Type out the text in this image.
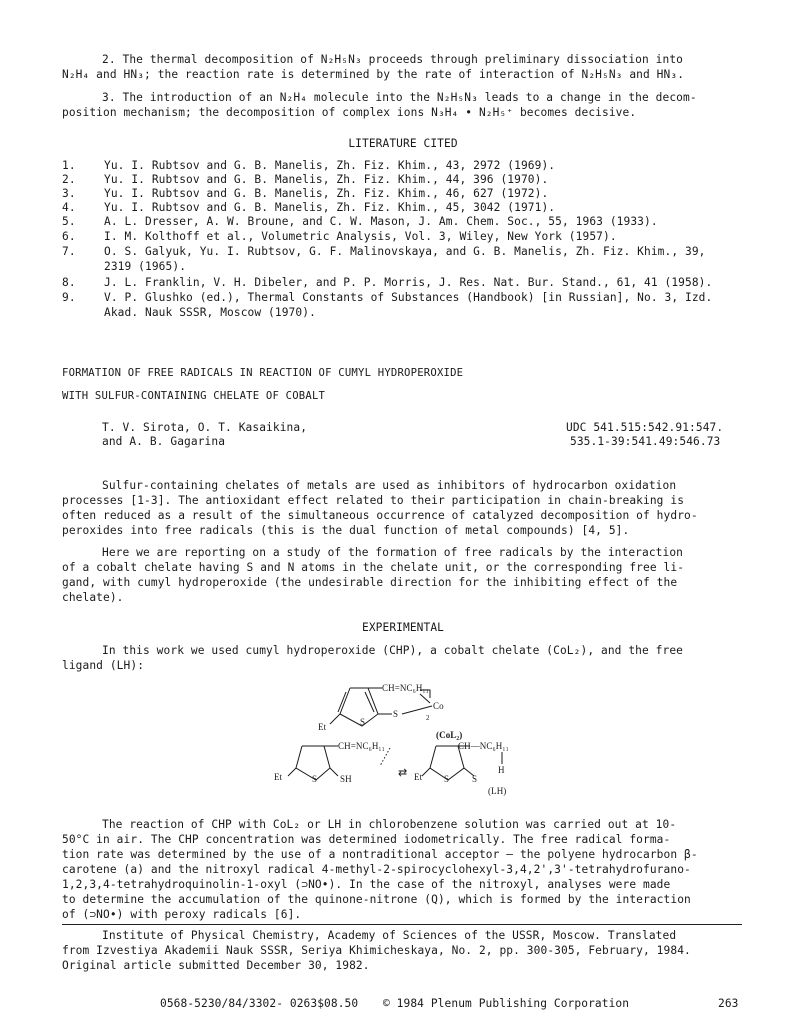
2. The thermal decomposition of N₂H₅N₃ proceeds through preliminary dissociation into
N₂H₄ and HN₃; the reaction rate is determined by the rate of interaction of N₂H₅N₃ and HN₃.
3. The introduction of an N₂H₄ molecule into the N₂H₅N₃ leads to a change in the decom-
position mechanism; the decomposition of complex ions N₃H₄ • N₂H₅⁺ becomes decisive.
LITERATURE CITED
1.	Yu. I. Rubtsov and G. B. Manelis, Zh. Fiz. Khim., 43, 2972 (1969).
2.	Yu. I. Rubtsov and G. B. Manelis, Zh. Fiz. Khim., 44, 396 (1970).
3.	Yu. I. Rubtsov and G. B. Manelis, Zh. Fiz. Khim., 46, 627 (1972).
4.	Yu. I. Rubtsov and G. B. Manelis, Zh. Fiz. Khim., 45, 3042 (1971).
5.	A. L. Dresser, A. W. Broune, and C. W. Mason, J. Am. Chem. Soc., 55, 1963 (1933).
6.	I. M. Kolthoff et al., Volumetric Analysis, Vol. 3, Wiley, New York (1957).
7.	O. S. Galyuk, Yu. I. Rubtsov, G. F. Malinovskaya, and G. B. Manelis, Zh. Fiz. Khim., 39,
2319 (1965).
8.	J. L. Franklin, V. H. Dibeler, and P. P. Morris, J. Res. Nat. Bur. Stand., 61, 41 (1958).
9.	V. P. Glushko (ed.), Thermal Constants of Substances (Handbook) [in Russian], No. 3, Izd.
Akad. Nauk SSSR, Moscow (1970).
FORMATION OF FREE RADICALS IN REACTION OF CUMYL HYDROPEROXIDE
WITH SULFUR-CONTAINING CHELATE OF COBALT
T. V. Sirota, O. T. Kasaikina,
and A. B. Gagarina
UDC 541.515:542.91:547.
535.1-39:541.49:546.73
Sulfur-containing chelates of metals are used as inhibitors of hydrocarbon oxidation
processes [1-3]. The antioxidant effect related to their participation in chain-breaking is
often reduced as a result of the simultaneous occurrence of catalyzed decomposition of hydro-
peroxides into free radicals (this is the dual function of metal compounds) [4, 5].
Here we are reporting on a study of the formation of free radicals by the interaction
of a cobalt chelate having S and N atoms in the chelate unit, or the corresponding free li-
gand, with cumyl hydroperoxide (the undesirable direction for the inhibiting effect of the
chelate).
EXPERIMENTAL
In this work we used cumyl hydroperoxide (CHP), a cobalt chelate (CoL₂), and the free
ligand (LH):
CH=NC₆H₁₁
Co
S
S	2
Et
(CoL₂)
CH=NC₆H₁₁
Et	S	SH	⇄
CH—NC₆H₁₁
H
Et S	S
(LH)
The reaction of CHP with CoL₂ or LH in chlorobenzene solution was carried out at 10-
50°C in air. The CHP concentration was determined iodometrically. The free radical forma-
tion rate was determined by the use of a nontraditional acceptor — the polyene hydrocarbon β-
carotene (a) and the nitroxyl radical 4-methyl-2-spirocyclohexyl-3,4,2',3'-tetrahydrofurano-
1,2,3,4-tetrahydroquinolin-1-oxyl (⊃NO•). In the case of the nitroxyl, analyses were made
to determine the accumulation of the quinone-nitrone (Q), which is formed by the interaction
of (⊃NO•) with peroxy radicals [6].
Institute of Physical Chemistry, Academy of Sciences of the USSR, Moscow. Translated
from Izvestiya Akademii Nauk SSSR, Seriya Khimicheskaya, No. 2, pp. 300-305, February, 1984.
Original article submitted December 30, 1982.
0568-5230/84/3302- 0263$08.50 © 1984 Plenum Publishing Corporation	263
